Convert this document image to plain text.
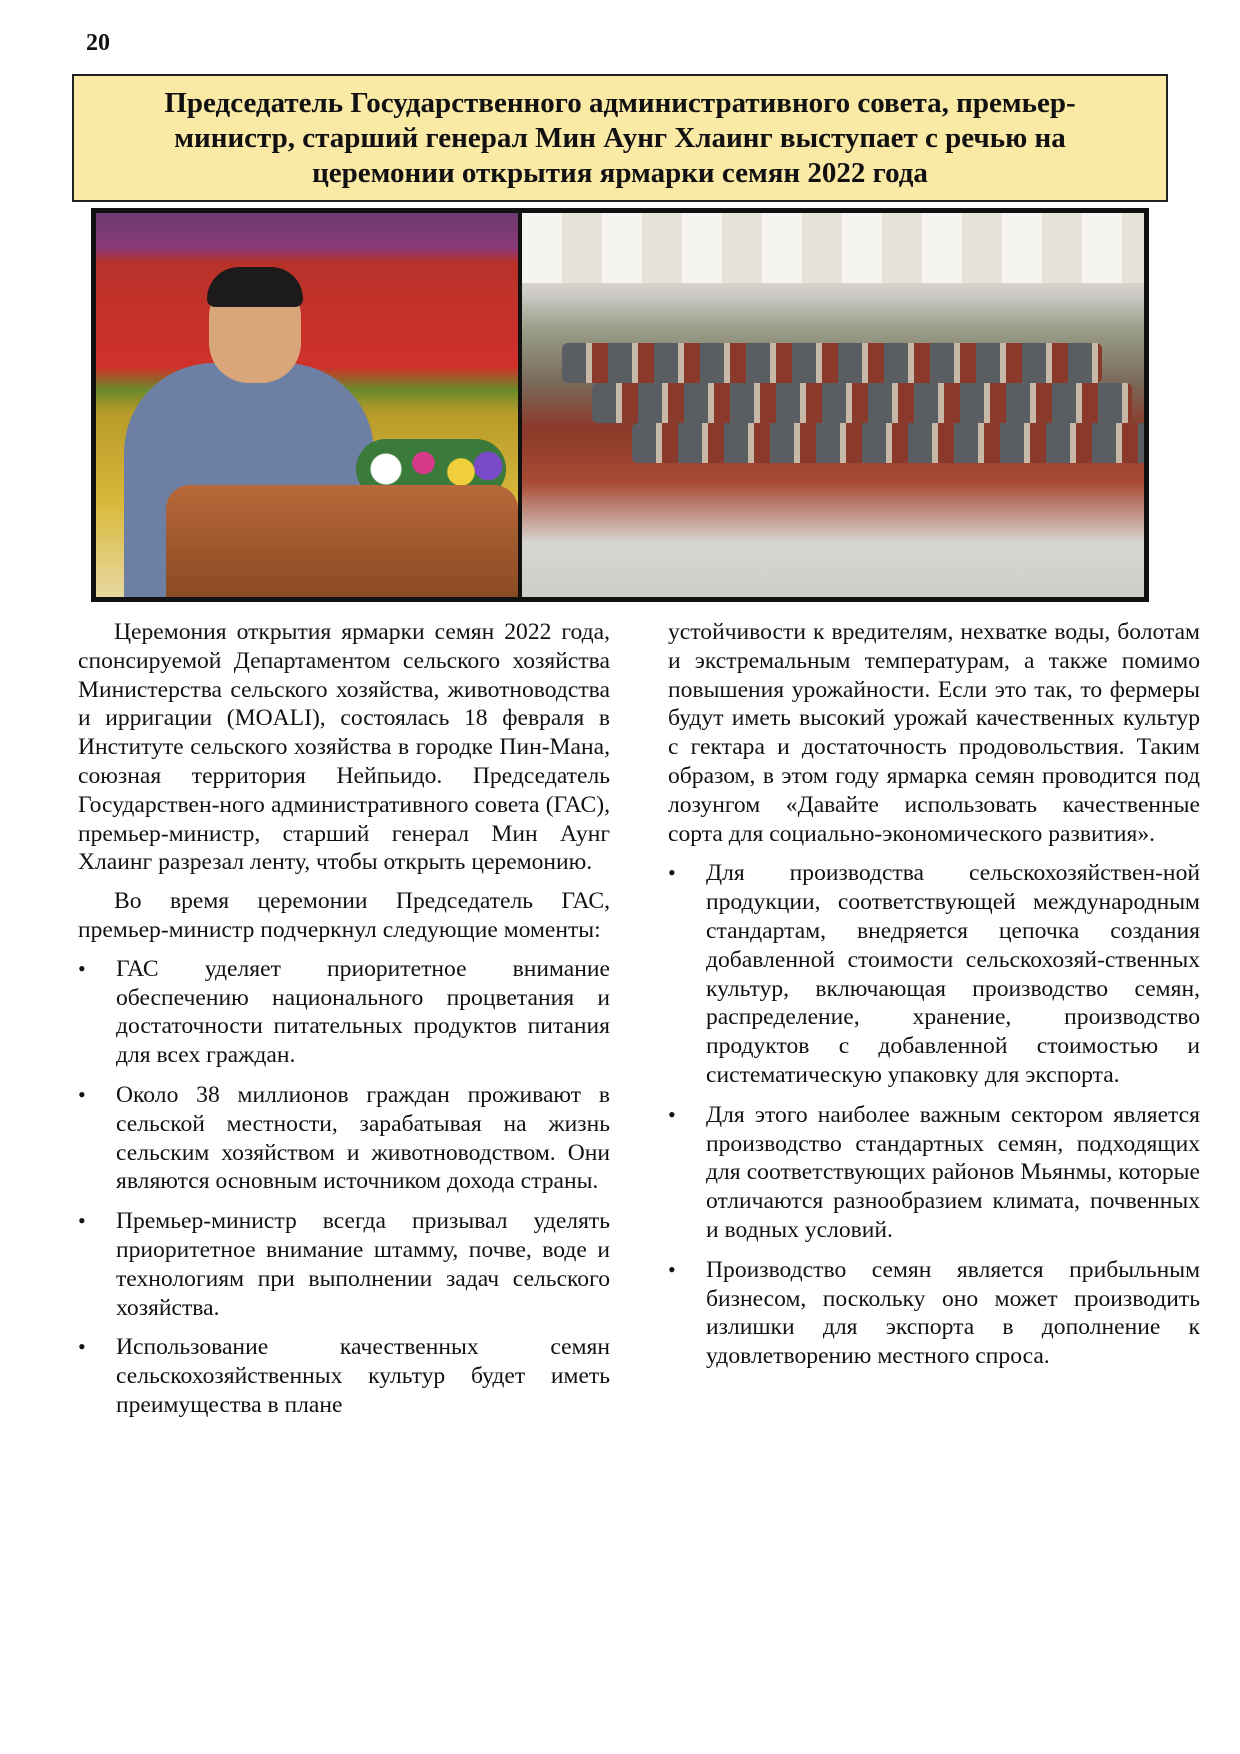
20
Председатель Государственного административного совета, премьер-министр, старший генерал Мин Аунг Хлаинг выступает с речью на церемонии открытия ярмарки семян 2022 года

Церемония открытия ярмарки семян 2022 года, спонсируемой Департаментом сельского хозяйства Министерства сельского хозяйства, животноводства и ирригации (MOALI), состоялась 18 февраля в Институте сельского хозяйства в городке Пин-Мана, союзная территория Нейпьидо. Председатель Государствен-ного административного совета (ГАС), премьер-министр, старший генерал Мин Аунг Хлаинг разрезал ленту, чтобы открыть церемонию.

Во время церемонии Председатель ГАС, премьер-министр подчеркнул следующие моменты:

• ГАС уделяет приоритетное внимание обеспечению национального процветания и достаточности питательных продуктов питания для всех граждан.
• Около 38 миллионов граждан проживают в сельской местности, зарабатывая на жизнь сельским хозяйством и животноводством. Они являются основным источником дохода страны.
• Премьер-министр всегда призывал уделять приоритетное внимание штамму, почве, воде и технологиям при выполнении задач сельского хозяйства.
• Использование качественных семян сельскохозяйственных культур будет иметь преимущества в плане
устойчивости к вредителям, нехватке воды, болотам и экстремальным температурам, а также помимо повышения урожайности. Если это так, то фермеры будут иметь высокий урожай качественных культур с гектара и достаточность продовольствия. Таким образом, в этом году ярмарка семян проводится под лозунгом «Давайте использовать качественные сорта для социально-экономического развития».
• Для производства сельскохозяйствен-ной продукции, соответствующей международным стандартам, внедряется цепочка создания добавленной стоимости сельскохозяй-ственных культур, включающая производство семян, распределение, хранение, производство продуктов с добавленной стоимостью и систематическую упаковку для экспорта.
• Для этого наиболее важным сектором является производство стандартных семян, подходящих для соответствующих районов Мьянмы, которые отличаются разнообразием климата, почвенных и водных условий.
• Производство семян является прибыльным бизнесом, поскольку оно может производить излишки для экспорта в дополнение к удовлетворению местного спроса.
